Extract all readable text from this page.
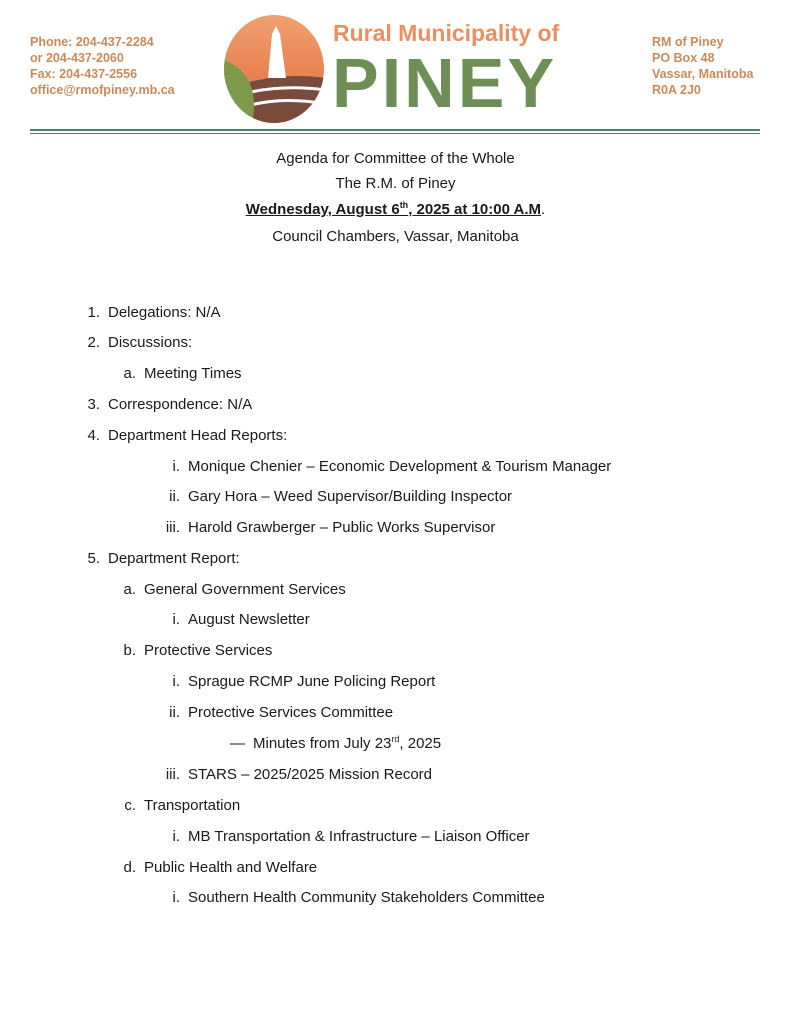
Phone: 204-437-2284
or 204-437-2060
Fax: 204-437-2556
office@rmofpiney.mb.ca
Rural Municipality of
PINEY
RM of Piney
PO Box 48
Vassar, Manitoba
R0A 2J0
Agenda for Committee of the Whole
The R.M. of Piney
Wednesday, August 6th, 2025 at 10:00 A.M.
Council Chambers, Vassar, Manitoba
1. Delegations: N/A
2. Discussions:
a. Meeting Times
3. Correspondence: N/A
4. Department Head Reports:
i. Monique Chenier – Economic Development & Tourism Manager
ii. Gary Hora – Weed Supervisor/Building Inspector
iii. Harold Grawberger – Public Works Supervisor
5. Department Report:
a. General Government Services
i. August Newsletter
b. Protective Services
i. Sprague RCMP June Policing Report
ii. Protective Services Committee
— Minutes from July 23rd, 2025
iii. STARS – 2025/2025 Mission Record
c. Transportation
i. MB Transportation & Infrastructure – Liaison Officer
d. Public Health and Welfare
i. Southern Health Community Stakeholders Committee
